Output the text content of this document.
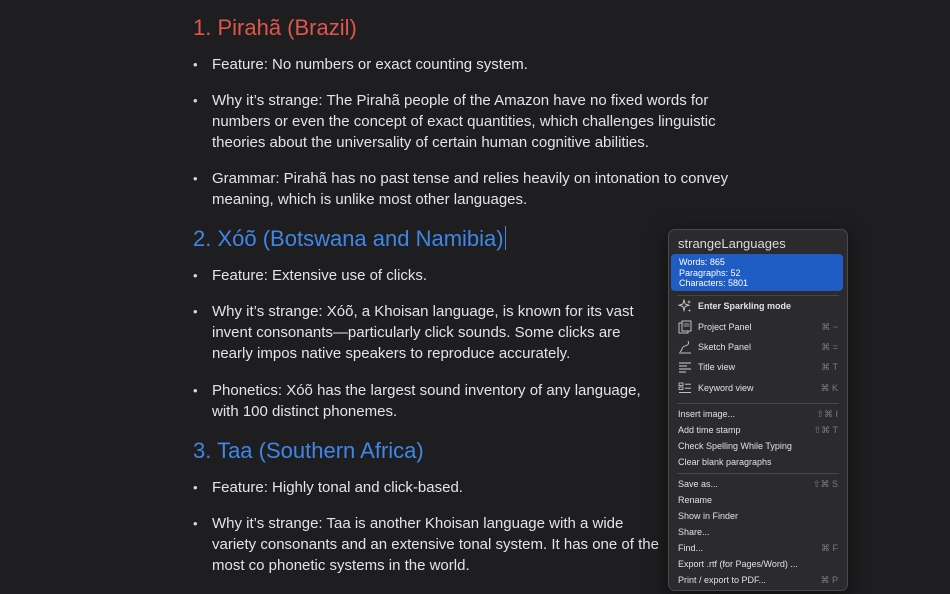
1. Pirahã (Brazil)
• Feature: No numbers or exact counting system.
• Why it’s strange: The Pirahã people of the Amazon have no fixed words for numbers or even the concept of exact quantities, which challenges linguistic theories about the universality of certain human cognitive abilities.
• Grammar: Pirahã has no past tense and relies heavily on intonation to convey meaning, which is unlike most other languages.
2. Xóõ (Botswana and Namibia)
• Feature: Extensive use of clicks.
• Why it’s strange: Xóõ, a Khoisan language, is known for its vast invent consonants—particularly click sounds. Some clicks are nearly impos native speakers to reproduce accurately.
• Phonetics: Xóõ has the largest sound inventory of any language, with 100 distinct phonemes.
3. Taa (Southern Africa)
• Feature: Highly tonal and click-based.
• Why it’s strange: Taa is another Khoisan language with a wide variety consonants and an extensive tonal system. It has one of the most co phonetic systems in the world.
strangeLanguages
Words: 865
Paragraphs: 52
Characters: 5801
Enter Sparkling mode
Project Panel	⌘ ~
Sketch Panel	⌘ =
Title view	⌘ T
Keyword view	⌘ K
Insert image...	⇧⌘ I
Add time stamp	⇧⌘ T
Check Spelling While Typing
Clear blank paragraphs
Save as...	⇧⌘ S
Rename
Show in Finder
Share...
Find...	⌘ F
Export .rtf (for Pages/Word) ...
Print / export to PDF...	⌘ P
